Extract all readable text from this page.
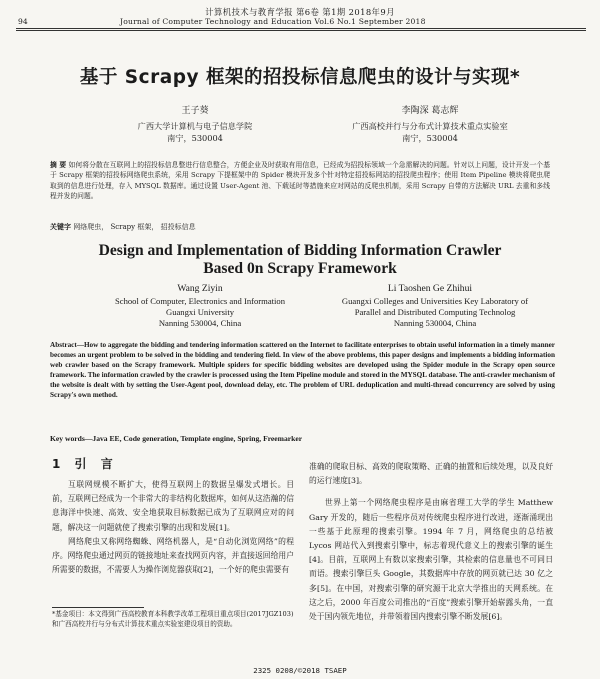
计算机技术与教育学报 第6卷 第1期 2018年9月
94	Journal of Computer Technology and Education Vol.6 No.1 September 2018
基于 Scrapy 框架的招投标信息爬虫的设计与实现*
王子葵
广西大学计算机与电子信息学院
南宁，530004
李陶深 葛志辉
广西高校并行与分布式计算技术重点实验室
南宁，530004
摘 要 如何将分散在互联网上的招投标信息整进行信息整合，方便企业及时获取有用信息，已经成为招投标领域一个急需解决的问题。针对以上问题，设计开发一个基于 Scrapy 框架的招投标网络爬虫系统，采用 Scrapy 下提框架中的 Spider 模块开发多个针对特定招投标网站的招投爬虫程序；使用 Item Pipeline 模块将爬虫爬取到的信息进行处理，存入 MYSQL 数据库。通过设置 User-Agent 池、下载延时等措施来应对网站的反爬虫机制，采用 Scrapy 自带的方法解决 URL 去重和多线程并发的问题。
关键字 网络爬虫， Scrapy 框架， 招投标信息
Design and Implementation of Bidding Information Crawler
Based 0n Scrapy Framework
Wang Ziyin
School of Computer, Electronics and Information
Guangxi University
Nanning 530004, China
Li Taoshen Ge Zhihui
Guangxi Colleges and Universities Key Laboratory of
Parallel and Distributed Computing Technolog
Nanning 530004, China
Abstract—How to aggregate the bidding and tendering information scattered on the Internet to facilitate enterprises to obtain useful information in a timely manner becomes an urgent problem to be solved in the bidding and tendering field. In view of the above problems, this paper designs and implements a bidding information web crawler based on the Scrapy framework. Multiple spiders for specific bidding websites are developed using the Spider module in the Scrapy open source framework. The information crawled by the crawler is processed using the Item Pipeline module and stored in the MYSQL database. The anti-crawler mechanism of the website is dealt with by setting the User-Agent pool, download delay, etc. The problem of URL deduplication and multi-thread concurrency are solved by using Scrapy's own method.
Key words—Java EE, Code generation, Template engine, Spring, Freemarker
1 引 言

互联网规模不断扩大，使得互联网上的数据呈爆发式增长。目前，互联网已经成为一个非常大的非结构化数据库，如何从这浩瀚的信息海洋中快速、高效、安全地获取目标数据已成为了互联网应对的问题，解决这一问题就使了搜索引擎的出现和发展[1]。

网络爬虫又称网络蜘蛛、网络机器人，是“自动化浏览网络”的程序。网络爬虫通过网页的链接地址来查找网页内容，并直接返回给用户所需要的数据，不需要人为操作浏览器获取[2]，一个好的爬虫需要有

*基金项目：本文得到广西高校教育本科教学改革工程项目重点项目(2017JGZ103)和广西高校并行与分布式计算技术重点实验室建设项目的资助。

准确的爬取目标、高效的爬取策略、正确的抽置和后续处理，以及良好的运行速度[3]。

世界上第一个网络爬虫程序是由麻省理工大学的学生 Matthew Gary 开发的，随后一些程序员对传统爬虫程序进行改进，逐渐涌现出一些基于此原理的搜索引擎。1994 年 7 月，网络爬虫的总结被 Lycos 网站代入到搜索引擎中，标志着现代意义上的搜索引擎的诞生[4]。目前，互联网上有数以家搜索引擎，其检索的信息量也不可同日而语。搜索引擎巨头 Google，其数据库中存放的网页就已达 30 亿之多[5]。在中国，对搜索引擎的研究源于北京大学推出的天网系统。在这之后，2000 年百度公司推出的“百度”搜索引擎开始崭露头角，一直处于国内领先地位，并带领着国内搜索引擎不断发展[6]。

2325 0208/©2018 TSAEP
